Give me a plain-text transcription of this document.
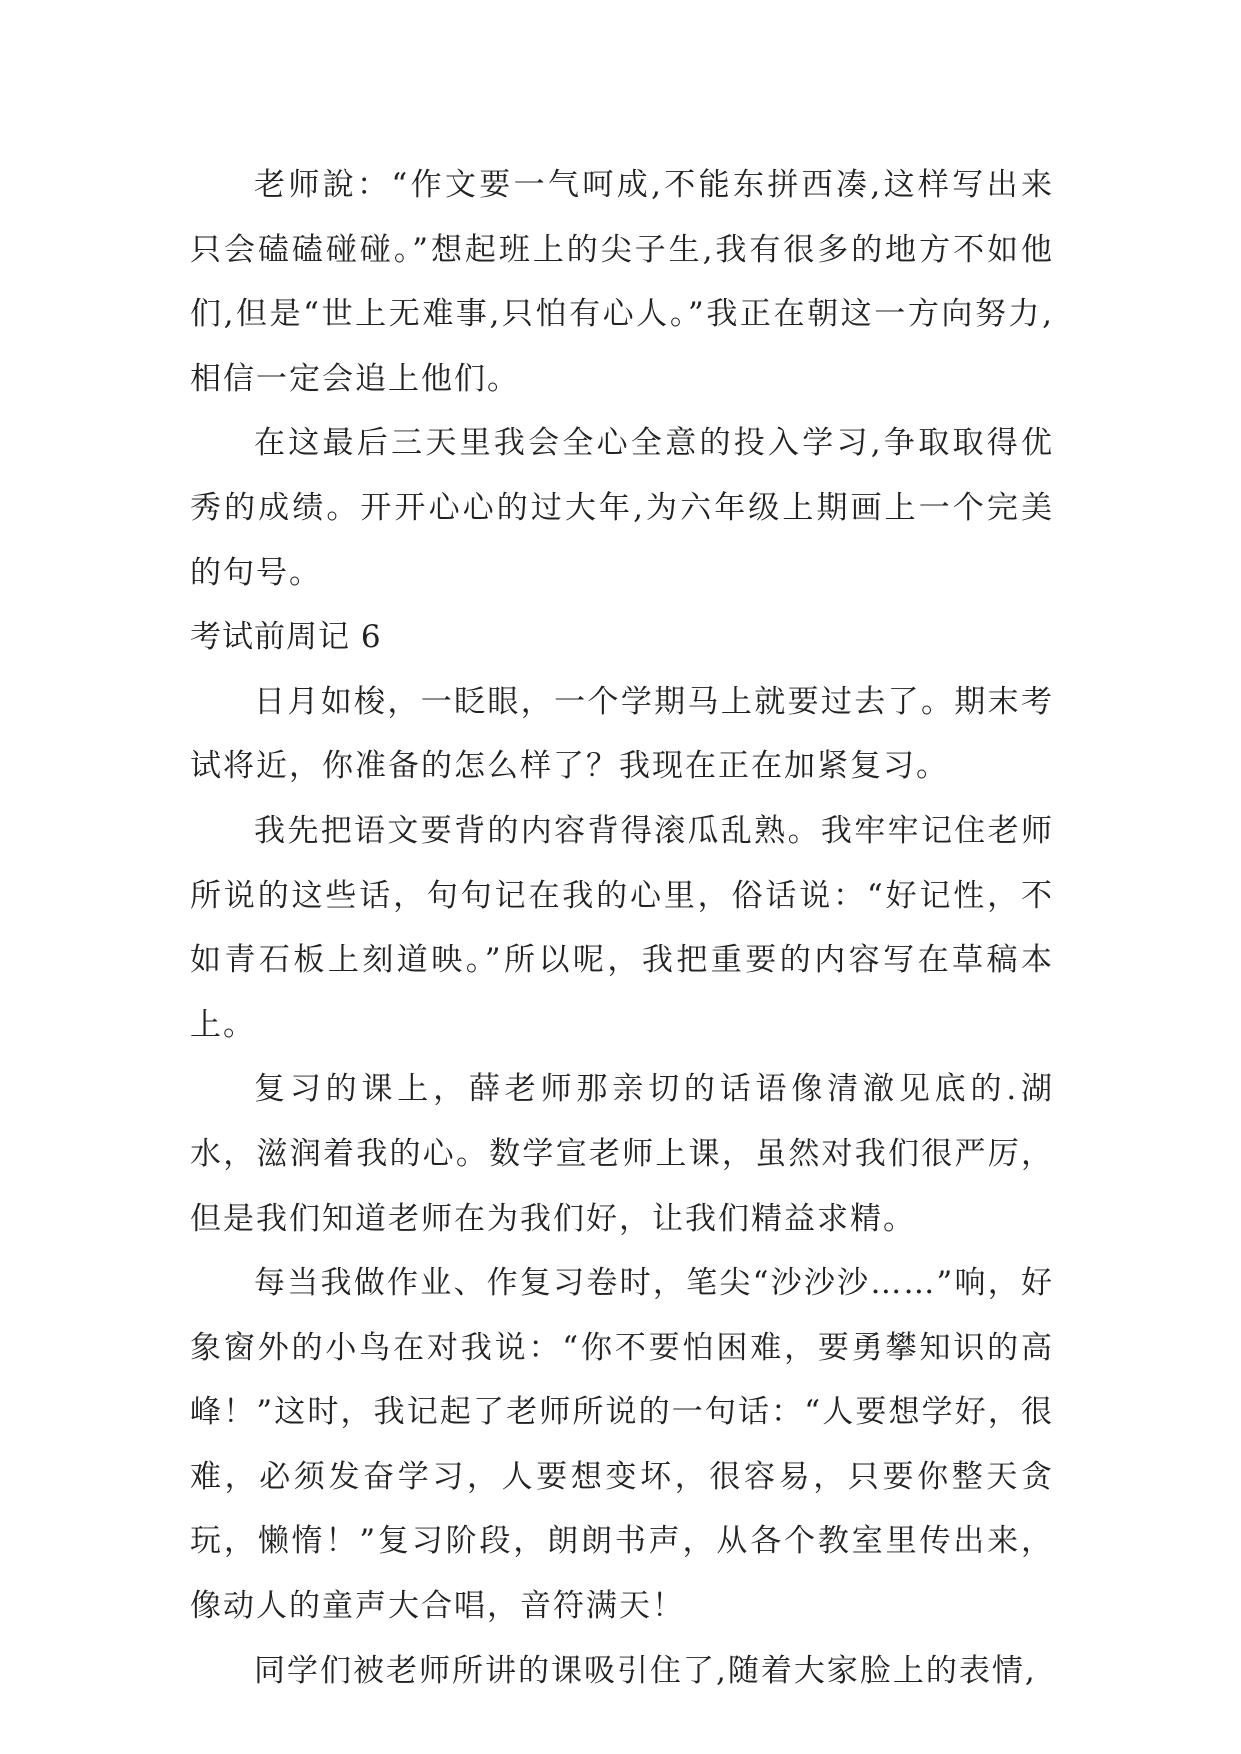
老师說：“作文要一气呵成,不能东拼西凑,这样写出来只会磕磕碰碰。”想起班上的尖子生,我有很多的地方不如他们,但是“世上无难事,只怕有心人。”我正在朝这一方向努力,相信一定会追上他们。

在这最后三天里我会全心全意的投入学习,争取取得优秀的成绩。开开心心的过大年,为六年级上期画上一个完美的句号。

考试前周记 6

日月如梭，一眨眼，一个学期马上就要过去了。期末考试将近，你准备的怎么样了？我现在正在加紧复习。

我先把语文要背的内容背得滚瓜乱熟。我牢牢记住老师所说的这些话，句句记在我的心里，俗话说：“好记性，不如青石板上刻道映。”所以呢，我把重要的内容写在草稿本上。

复习的课上，薛老师那亲切的话语像清澈见底的.湖水，滋润着我的心。数学宣老师上课，虽然对我们很严厉，但是我们知道老师在为我们好，让我们精益求精。

每当我做作业、作复习卷时，笔尖“沙沙沙……”响，好象窗外的小鸟在对我说：“你不要怕困难，要勇攀知识的高峰！”这时，我记起了老师所说的一句话：“人要想学好，很难，必须发奋学习，人要想变坏，很容易，只要你整天贪玩，懒惰！”复习阶段，朗朗书声，从各个教室里传出来，像动人的童声大合唱，音符满天！

同学们被老师所讲的课吸引住了,随着大家脸上的表情,
